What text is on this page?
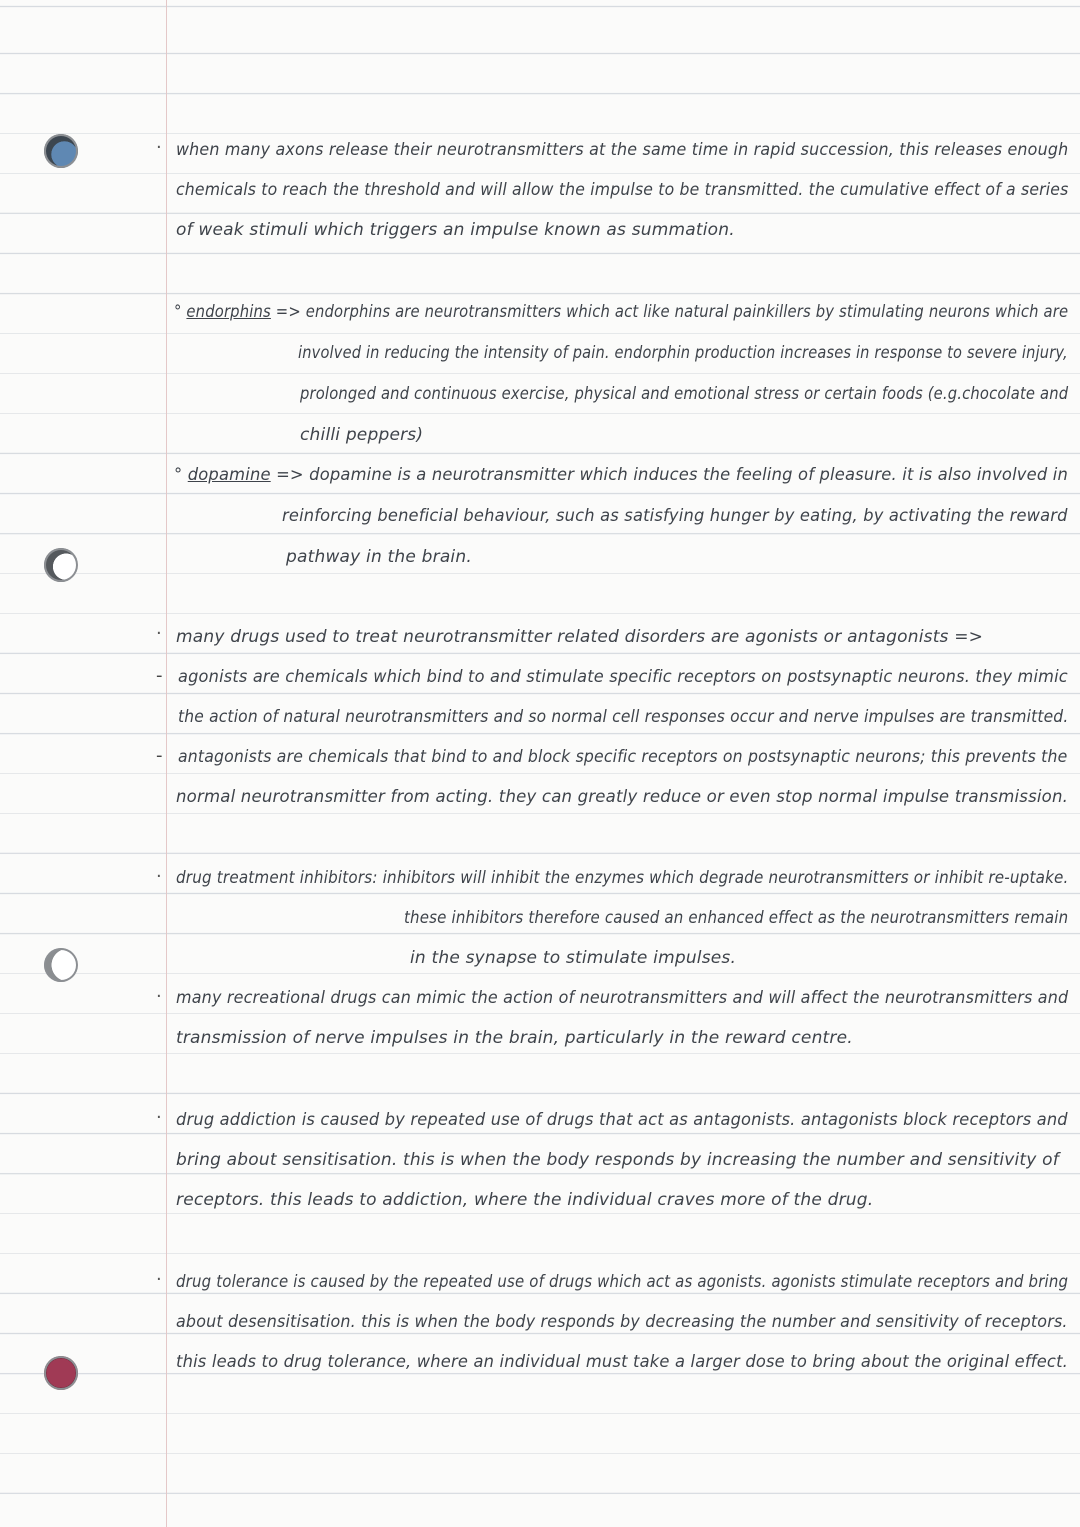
· when many axons release their neurotransmitters at the same time in rapid succession, this releases enough
chemicals to reach the threshold and will allow the impulse to be transmitted. the cumulative effect of a series
of weak stimuli which triggers an impulse known as summation.
° endorphins => endorphins are neurotransmitters which act like natural painkillers by stimulating neurons which are
involved in reducing the intensity of pain. endorphin production increases in response to severe injury,
prolonged and continuous exercise, physical and emotional stress or certain foods (e.g.chocolate and
chilli peppers)
° dopamine => dopamine is a neurotransmitter which induces the feeling of pleasure. it is also involved in
reinforcing beneficial behaviour, such as satisfying hunger by eating, by activating the reward
pathway in the brain.
· many drugs used to treat neurotransmitter related disorders are agonists or antagonists =>
- agonists are chemicals which bind to and stimulate specific receptors on postsynaptic neurons. they mimic
the action of natural neurotransmitters and so normal cell responses occur and nerve impulses are transmitted.
- antagonists are chemicals that bind to and block specific receptors on postsynaptic neurons; this prevents the
normal neurotransmitter from acting. they can greatly reduce or even stop normal impulse transmission.
· drug treatment inhibitors: inhibitors will inhibit the enzymes which degrade neurotransmitters or inhibit re-uptake.
these inhibitors therefore caused an enhanced effect as the neurotransmitters remain
in the synapse to stimulate impulses.
· many recreational drugs can mimic the action of neurotransmitters and will affect the neurotransmitters and
transmission of nerve impulses in the brain, particularly in the reward centre.
· drug addiction is caused by repeated use of drugs that act as antagonists. antagonists block receptors and
bring about sensitisation. this is when the body responds by increasing the number and sensitivity of
receptors. this leads to addiction, where the individual craves more of the drug.
· drug tolerance is caused by the repeated use of drugs which act as agonists. agonists stimulate receptors and bring
about desensitisation. this is when the body responds by decreasing the number and sensitivity of receptors.
this leads to drug tolerance, where an individual must take a larger dose to bring about the original effect.
